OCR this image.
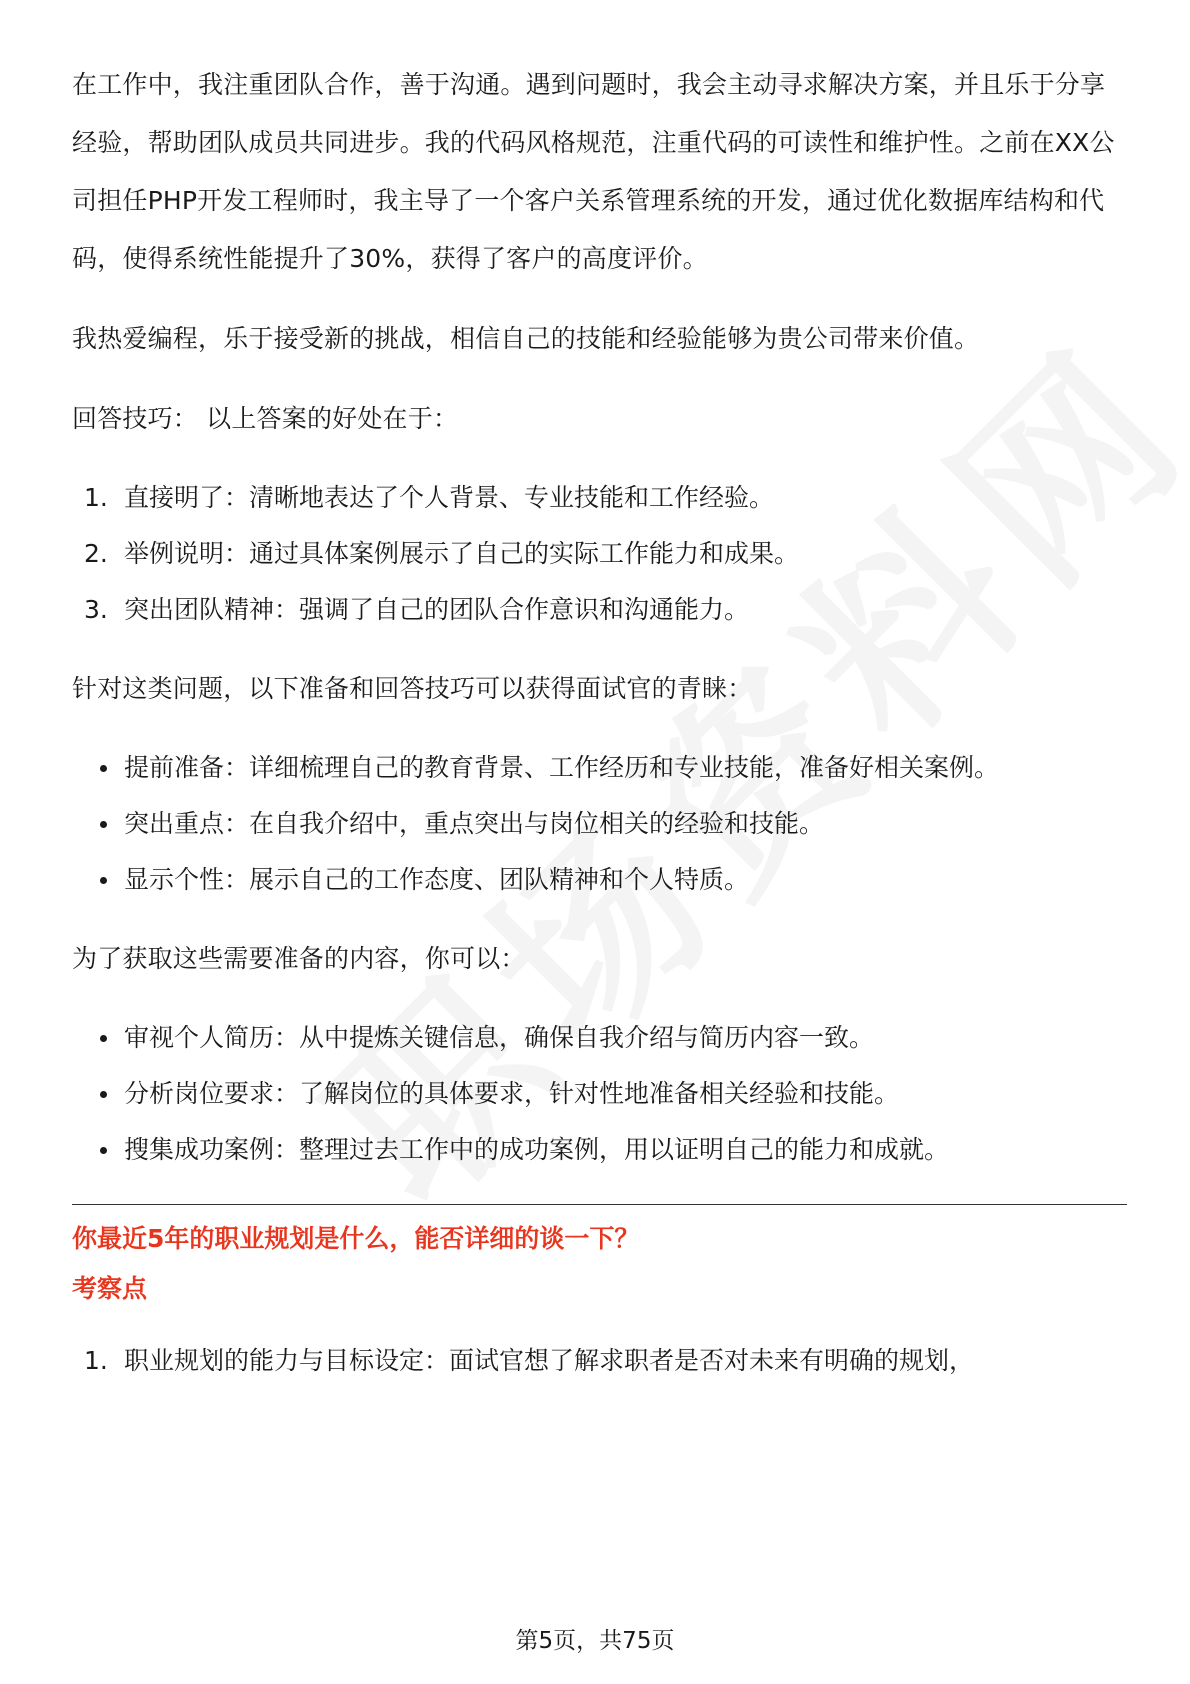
在工作中，我注重团队合作，善于沟通。遇到问题时，我会主动寻求解决方案，并且乐于分享经验，帮助团队成员共同进步。我的代码风格规范，注重代码的可读性和维护性。之前在XX公司担任PHP开发工程师时，我主导了一个客户关系管理系统的开发，通过优化数据库结构和代码，使得系统性能提升了30%，获得了客户的高度评价。

我热爱编程，乐于接受新的挑战，相信自己的技能和经验能够为贵公司带来价值。

回答技巧： 以上答案的好处在于：

1. 直接明了：清晰地表达了个人背景、专业技能和工作经验。
2. 举例说明：通过具体案例展示了自己的实际工作能力和成果。
3. 突出团队精神：强调了自己的团队合作意识和沟通能力。

针对这类问题，以下准备和回答技巧可以获得面试官的青睐：

提前准备：详细梳理自己的教育背景、工作经历和专业技能，准备好相关案例。
突出重点：在自我介绍中，重点突出与岗位相关的经验和技能。
显示个性：展示自己的工作态度、团队精神和个人特质。

为了获取这些需要准备的内容，你可以：

审视个人简历：从中提炼关键信息，确保自我介绍与简历内容一致。
分析岗位要求：了解岗位的具体要求，针对性地准备相关经验和技能。
搜集成功案例：整理过去工作中的成功案例，用以证明自己的能力和成就。
你最近5年的职业规划是什么，能否详细的谈一下？
考察点
1. 职业规划的能力与目标设定：面试官想了解求职者是否对未来有明确的规划，
第5页，共75页
